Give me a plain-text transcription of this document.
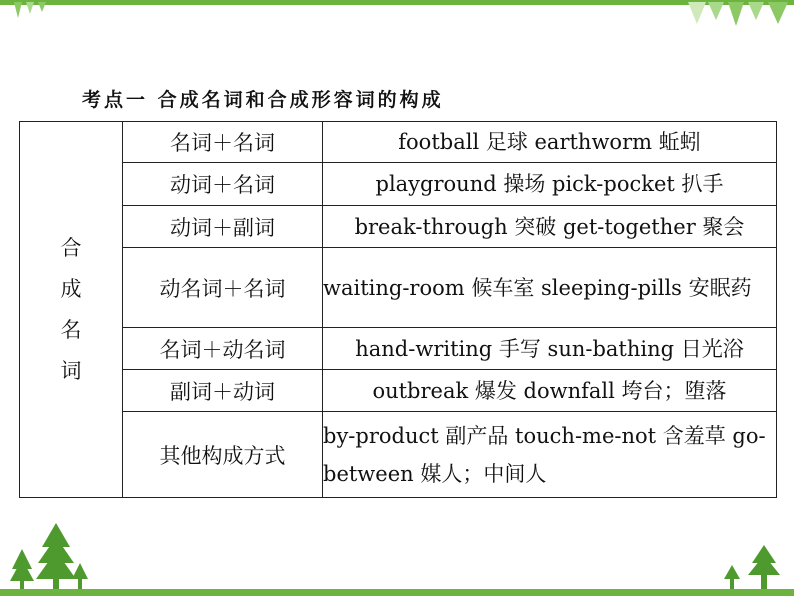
考点一 合成名词和合成形容词的构成
合
成
名
词	名词＋名词	football 足球 earthworm 蚯蚓
	动词＋名词	playground 操场 pick-pocket 扒手
	动词＋副词	break-through 突破 get-together 聚会
	动名词＋名词	waiting-room 候车室 sleeping-pills 安眠药
	名词＋动名词	hand-writing 手写 sun-bathing 日光浴
	副词＋动词	outbreak 爆发 downfall 垮台；堕落
	其他构成方式	by-product 副产品 touch-me-not 含羞草 go-between 媒人；中间人
